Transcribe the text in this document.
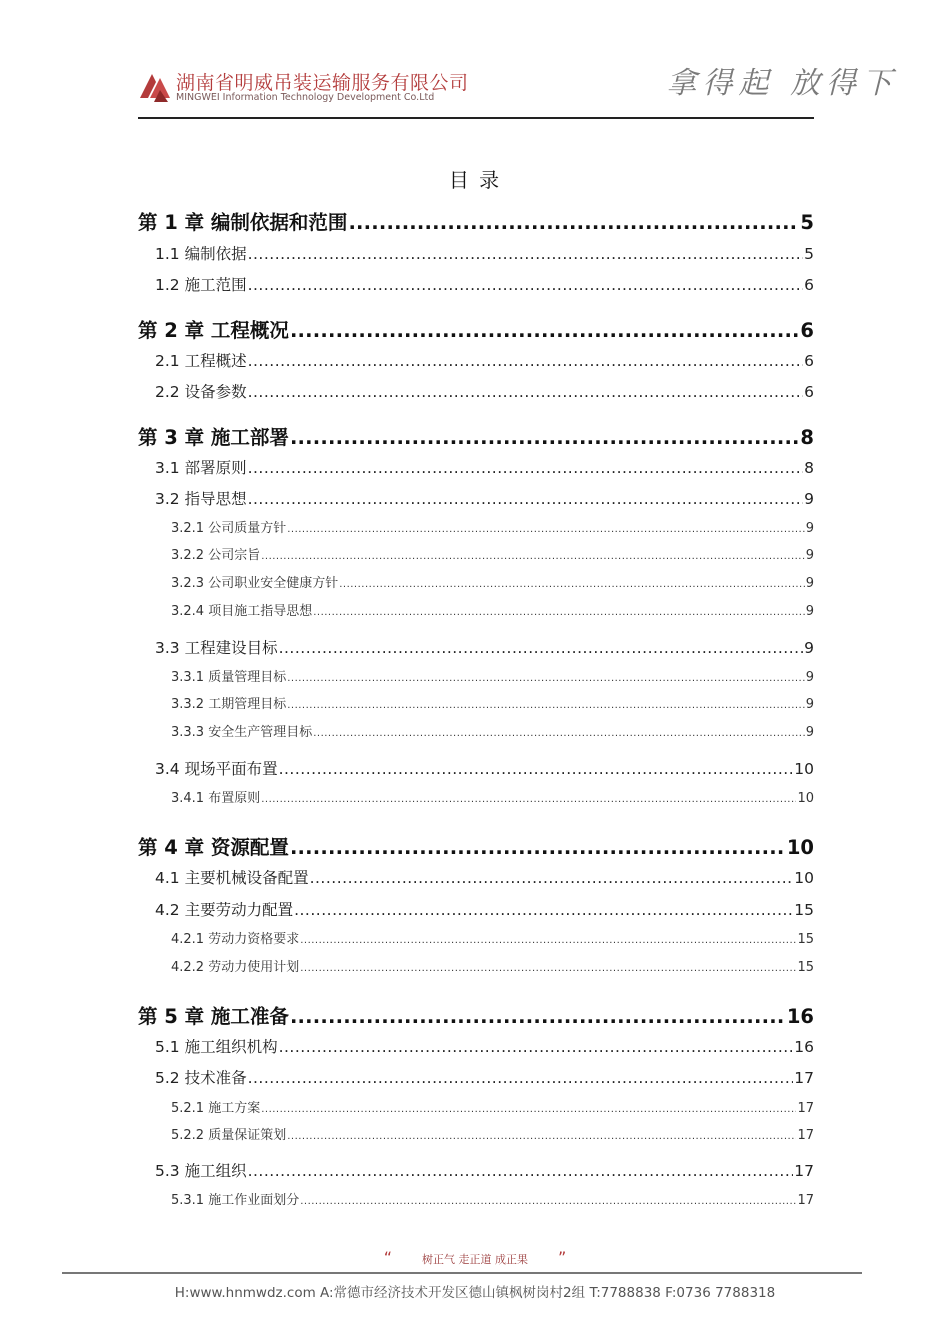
湖南省明威吊装运输服务有限公司
MINGWEI Information Technology Development Co.Ltd	拿得起 放得下
目 录
第 1 章 编制依据和范围 .....	5
1.1 编制依据 .....	5
1.2 施工范围 .....	6
第 2 章 工程概况 .....	6
2.1 工程概述 .....	6
2.2 设备参数 .....	6
第 3 章 施工部署 .....	8
3.1 部署原则 .....	8
3.2 指导思想 .....	9
3.2.1 公司质量方针 .....	9
3.2.2 公司宗旨 .....	9
3.2.3 公司职业安全健康方针 .....	9
3.2.4 项目施工指导思想 .....	9
3.3 工程建设目标 .....	9
3.3.1 质量管理目标 .....	9
3.3.2 工期管理目标 .....	9
3.3.3 安全生产管理目标 .....	9
3.4 现场平面布置 .....	10
3.4.1 布置原则 .....	10
第 4 章 资源配置 .....	10
4.1 主要机械设备配置 .....	10
4.2 主要劳动力配置 .....	15
4.2.1 劳动力资格要求 .....	15
4.2.2 劳动力使用计划 .....	15
第 5 章 施工准备 .....	16
5.1 施工组织机构 .....	16
5.2 技术准备 .....	17
5.2.1 施工方案 .....	17
5.2.2 质量保证策划 .....	17
5.3 施工组织 .....	17
5.3.1 施工作业面划分 .....	17
“	树正气 走正道 成正果 ”
H:www.hnmwdz.com A:常德市经济技术开发区德山镇枫树岗村2组 T:7788838 F:0736 7788318
